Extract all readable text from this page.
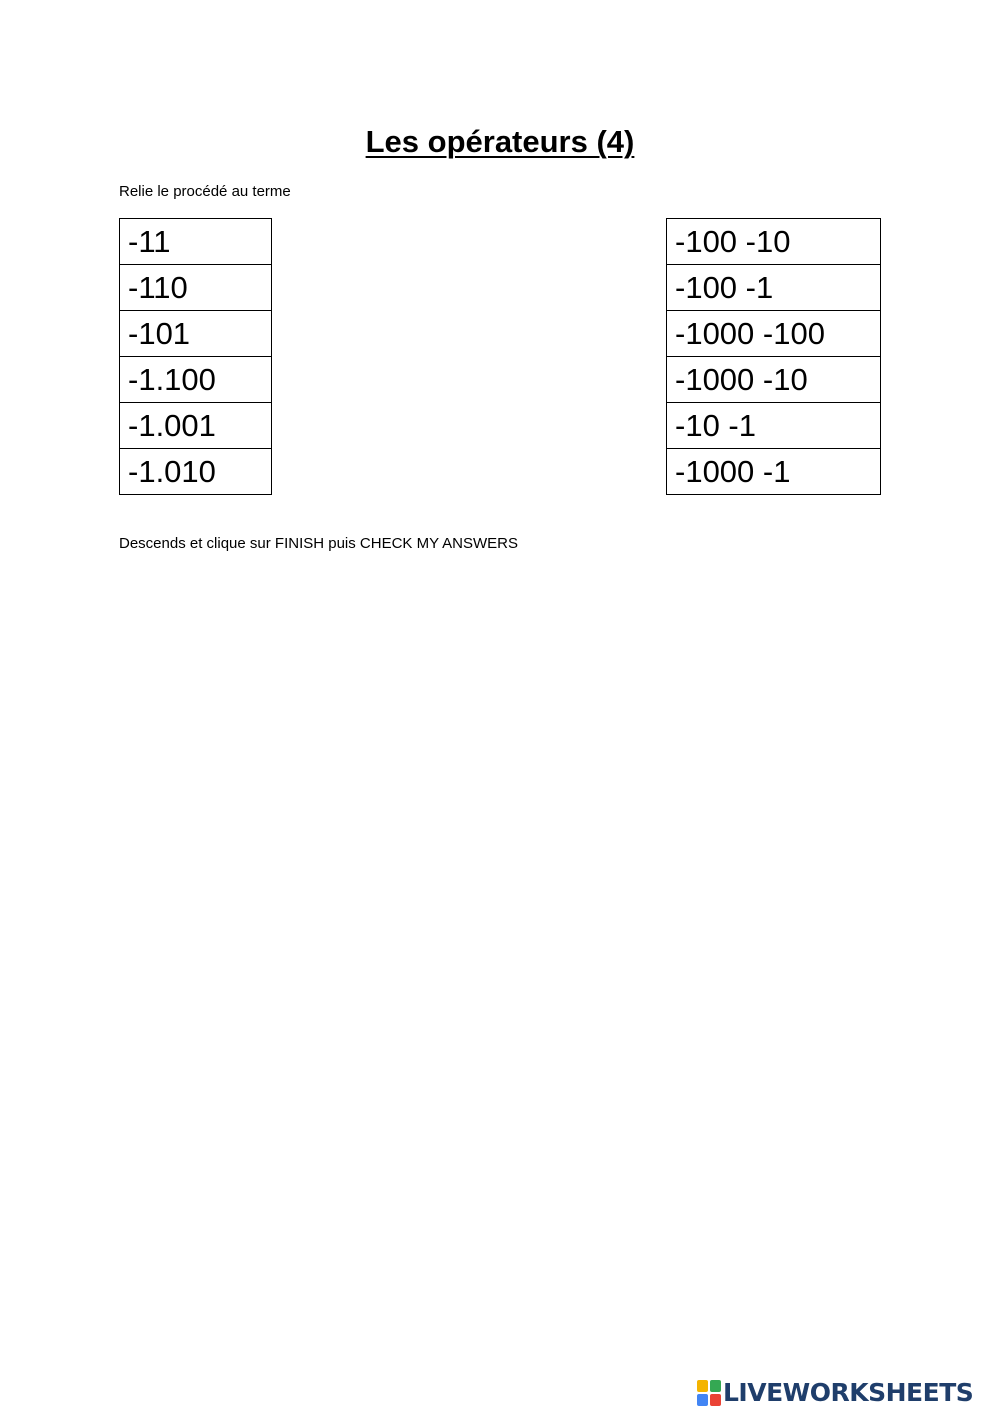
Les opérateurs (4)
Relie le procédé au terme
-11
-110
-101
-1.100
-1.001
-1.010
-100 -10
-100 -1
-1000 -100
-1000 -10
-10 -1
-1000 -1
Descends et clique sur FINISH puis CHECK MY ANSWERS
LIVEWORKSHEETS
